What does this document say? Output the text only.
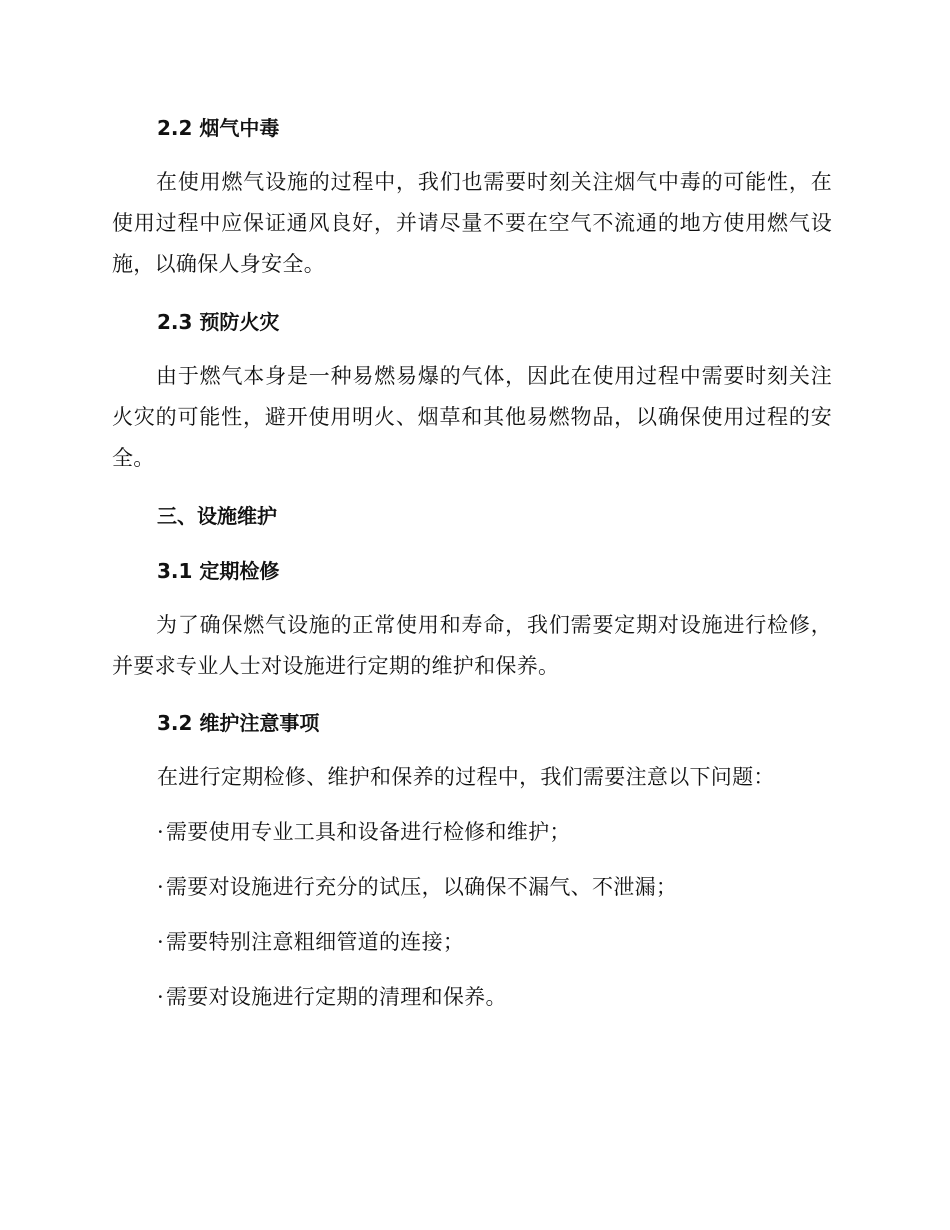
2.2 烟气中毒
在使用燃气设施的过程中，我们也需要时刻关注烟气中毒的可能性，在使用过程中应保证通风良好，并请尽量不要在空气不流通的地方使用燃气设施，以确保人身安全。
2.3 预防火灾
由于燃气本身是一种易燃易爆的气体，因此在使用过程中需要时刻关注火灾的可能性，避开使用明火、烟草和其他易燃物品，以确保使用过程的安全。
三、设施维护
3.1 定期检修
为了确保燃气设施的正常使用和寿命，我们需要定期对设施进行检修，并要求专业人士对设施进行定期的维护和保养。
3.2 维护注意事项
在进行定期检修、维护和保养的过程中，我们需要注意以下问题：
·需要使用专业工具和设备进行检修和维护；
·需要对设施进行充分的试压，以确保不漏气、不泄漏；
·需要特别注意粗细管道的连接；
·需要对设施进行定期的清理和保养。
